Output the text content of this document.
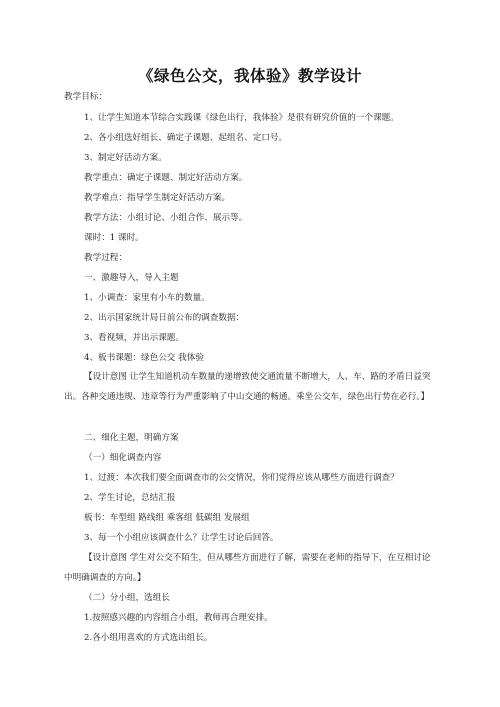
《绿色公交，我体验》教学设计
教学目标：
1、让学生知道本节综合实践课《绿色出行，我体验》是很有研究价值的一个课题。
2、各小组选好组长、确定子课题、起组名、定口号。
3、制定好活动方案。
教学重点：确定子课题、制定好活动方案。
教学难点：指导学生制定好活动方案。
教学方法：小组讨论、小组合作、展示等。
课时：1 课时。
教学过程：
一、激趣导入，导入主题
1、小调查：家里有小车的数量。
2、出示国家统计局日前公布的调查数据：
3、看视频，并出示课题。
4、板书课题：绿色公交 我体验
【设计意图 让学生知道机动车数量的递增致使交通流量不断增大，人、车、路的矛盾日益突出。各种交通违规、违章等行为严重影响了中山交通的畅通。乘坐公交车，绿色出行势在必行。】
二、细化主题，明确方案
（一）细化调查内容
1、过渡：本次我们要全面调查市的公交情况，你们觉得应该从哪些方面进行调查？
2、学生讨论，总结汇报
板书：车型组 路线组 乘客组 低碳组 发展组
3、每一个小组应该调查什么？让学生讨论后回答。
【设计意图 学生对公交不陌生，但从哪些方面进行了解，需要在老师的指导下，在互相讨论中明确调查的方向。】
（二）分小组，选组长
1.按照感兴趣的内容组合小组，教师再合理安排。
2.各小组用喜欢的方式选出组长。
